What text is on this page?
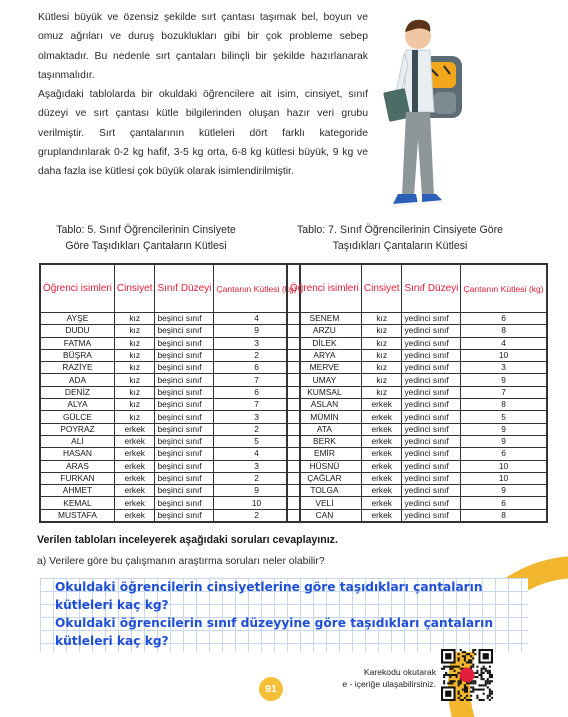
Kütlesi büyük ve özensiz şekilde sırt çantası taşımak bel, boyun ve omuz ağrıları ve duruş bozuklukları gibi bir çok probleme sebep olmaktadır. Bu nedenle sırt çantaları bilinçli bir şekilde hazırlanarak taşınmalıdır.

Aşağıdaki tablolarda bir okuldaki öğrencilere ait isim, cinsiyet, sınıf düzeyi ve sırt çantası kütle bilgilerinden oluşan hazır veri grubu verilmiştir. Sırt çantalarının kütleleri dört farklı kategoride gruplandırılarak 0-2 kg hafif, 3-5 kg orta, 6-8 kg kütlesi büyük, 9 kg ve daha fazla ise kütlesi çok büyük olarak isimlendirilmiştir.

Tablo: 5. Sınıf Öğrencilerinin Cinsiyete
Göre Taşıdıkları Çantaların Kütlesi
Tablo: 7. Sınıf Öğrencilerinin Cinsiyete Göre
Taşıdıkları Çantaların Kütlesi
Öğrenci isimleri	Cinsiyet	Sınıf Düzeyi	Çantanın Kütlesi (kg)
AYŞE	kız	beşinci sınıf	4
DUDU	kız	beşinci sınıf	9
FATMA	kız	beşinci sınıf	3
BÜŞRA	kız	beşinci sınıf	2
RAZİYE	kız	beşinci sınıf	6
ADA	kız	beşinci sınıf	7
DENİZ	kız	beşinci sınıf	6
ALYA	kız	beşinci sınıf	7
GÜLCE	kız	beşinci sınıf	3
POYRAZ	erkek	beşinci sınıf	2
ALİ	erkek	beşinci sınıf	5
HASAN	erkek	beşinci sınıf	4
ARAS	erkek	beşinci sınıf	3
FURKAN	erkek	beşinci sınıf	2
AHMET	erkek	beşinci sınıf	9
KEMAL	erkek	beşinci sınıf	10
MUSTAFA	erkek	beşinci sınıf	2
Öğrenci isimleri	Cinsiyet	Sınıf Düzeyi	Çantanın Kütlesi (kg)
SENEM	kız	yedinci sınıf	6
ARZU	kız	yedinci sınıf	8
DİLEK	kız	yedinci sınıf	4
ARYA	kız	yedinci sınıf	10
MERVE	kız	yedinci sınıf	3
UMAY	kız	yedinci sınıf	9
KUMSAL	kız	yedinci sınıf	7
ASLAN	erkek	yedinci sınıf	8
MÜMİN	erkek	yedinci sınıf	5
ATA	erkek	yedinci sınıf	9
BERK	erkek	yedinci sınıf	9
EMİR	erkek	yedinci sınıf	6
HÜSNÜ	erkek	yedinci sınıf	10
ÇAĞLAR	erkek	yedinci sınıf	10
TOLGA	erkek	yedinci sınıf	9
VELİ	erkek	yedinci sınıf	6
CAN	erkek	yedinci sınıf	8
Verilen tabloları inceleyerek aşağıdaki soruları cevaplayınız.
a) Verilere göre bu çalışmanın araştırma soruları neler olabilir?

Okuldaki öğrencilerin cinsiyetlerine göre taşıdıkları çantaların kütleleri kaç kg?

Okuldaki öğrencilerin sınıf düzeyyine göre taşıdıkları çantaların kütleleri kaç kg?

91
Karekodu okutarak
e - içeriğe ulaşabilirsiniz.
